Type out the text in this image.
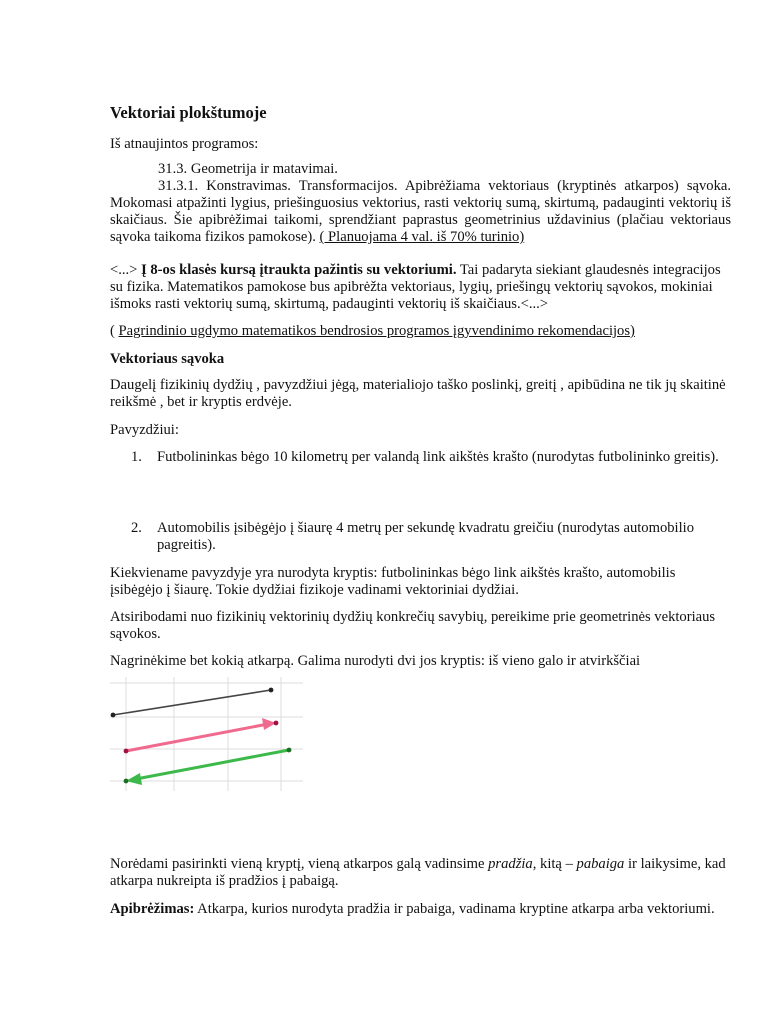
Vektoriai plokštumoje

Iš atnaujintos programos:

31.3. Geometrija ir matavimai.

31.3.1. Konstravimas. Transformacijos. Apibrėžiama vektoriaus (kryptinės atkarpos) sąvoka. Mokomasi atpažinti lygius, priešinguosius vektorius, rasti vektorių sumą, skirtumą, padauginti vektorių iš skaičiaus. Šie apibrėžimai taikomi, sprendžiant paprastus geometrinius uždavinius (plačiau vektoriaus sąvoka taikoma fizikos pamokose). ( Planuojama 4 val. iš 70% turinio)

<...> Į 8-os klasės kursą įtraukta pažintis su vektoriumi. Tai padaryta siekiant glaudesnės integracijos su fizika. Matematikos pamokose bus apibrėžta vektoriaus, lygių, priešingų vektorių sąvokos, mokiniai išmoks rasti vektorių sumą, skirtumą, padauginti vektorių iš skaičiaus.<...>

( Pagrindinio ugdymo matematikos bendrosios programos įgyvendinimo rekomendacijos)

Vektoriaus sąvoka

Daugelį fizikinių dydžių , pavyzdžiui jėgą, materialiojo taško poslinkį, greitį , apibūdina ne tik jų skaitinė reikšmė , bet ir kryptis erdvėje.

Pavyzdžiui:

1. Futbolininkas bėgo 10 kilometrų per valandą link aikštės krašto (nurodytas futbolininko greitis).
2. Automobilis įsibėgėjo į šiaurę 4 metrų per sekundę kvadratu greičiu (nurodytas automobilio pagreitis).

Kiekviename pavyzdyje yra nurodyta kryptis: futbolininkas bėgo link aikštės krašto, automobilis įsibėgėjo į šiaurę. Tokie dydžiai fizikoje vadinami vektoriniai dydžiai.

Atsiribodami nuo fizikinių vektorinių dydžių konkrečių savybių, pereikime prie geometrinės vektoriaus sąvokos.

Nagrinėkime bet kokią atkarpą. Galima nurodyti dvi jos kryptis: iš vieno galo ir atvirkščiai

Norėdami pasirinkti vieną kryptį, vieną atkarpos galą vadinsime pradžia, kitą – pabaiga ir laikysime, kad atkarpa nukreipta iš pradžios į pabaigą.

Apibrėžimas: Atkarpa, kurios nurodyta pradžia ir pabaiga, vadinama kryptine atkarpa arba vektoriumi.
